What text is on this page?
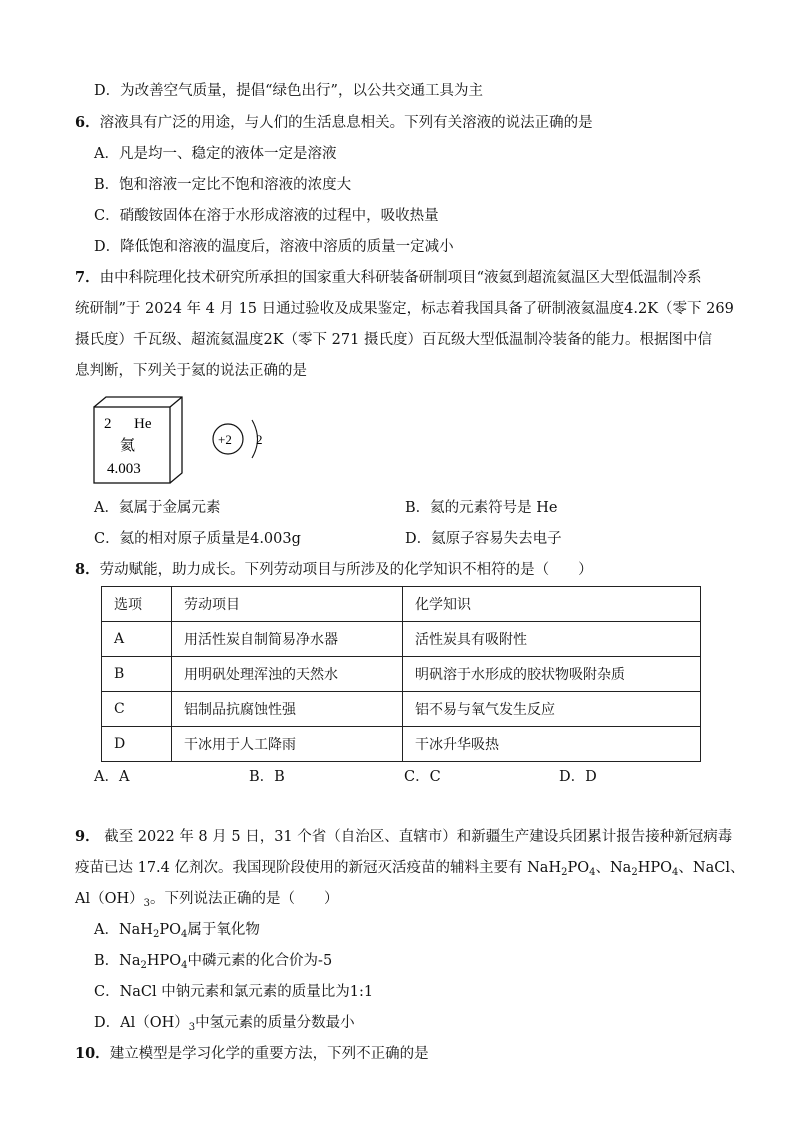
D．为改善空气质量，提倡“绿色出行”，以公共交通工具为主
6．溶液具有广泛的用途，与人们的生活息息相关。下列有关溶液的说法正确的是
A．凡是均一、稳定的液体一定是溶液
B．饱和溶液一定比不饱和溶液的浓度大
C．硝酸铵固体在溶于水形成溶液的过程中，吸收热量
D．降低饱和溶液的温度后，溶液中溶质的质量一定减小
7．由中科院理化技术研究所承担的国家重大科研装备研制项目“液氦到超流氦温区大型低温制冷系
统研制”于 2024 年 4 月 15 日通过验收及成果鉴定，标志着我国具备了研制液氦温度4.2K（零下 269
摄氏度）千瓦级、超流氦温度2K（零下 271 摄氏度）百瓦级大型低温制冷装备的能力。根据图中信
息判断，下列关于氦的说法正确的是
2 He
氦
4.003
+2 2
A．氦属于金属元素	B．氦的元素符号是 He
C．氦的相对原子质量是4.003g	D．氦原子容易失去电子
8．劳动赋能，助力成长。下列劳动项目与所涉及的化学知识不相符的是（　　）
选项	劳动项目	化学知识
A	用活性炭自制简易净水器	活性炭具有吸附性
B	用明矾处理浑浊的天然水	明矾溶于水形成的胶状物吸附杂质
C	铝制品抗腐蚀性强	铝不易与氧气发生反应
D	干冰用于人工降雨	干冰升华吸热
A．A	B．B	C．C	D．D
9． 截至 2022 年 8 月 5 日，31 个省（自治区、直辖市）和新疆生产建设兵团累计报告接种新冠病毒
疫苗已达 17.4 亿剂次。我国现阶段使用的新冠灭活疫苗的辅料主要有 $NaH_2PO_4$、$Na_2HPO_4$、NaCl、
$Al(OH)_3$。下列说法正确的是（　　）
A．$NaH_2PO_4$属于氧化物
B．$Na_2HPO_4$中磷元素的化合价为-5
C．NaCl 中钠元素和氯元素的质量比为1:1
D．$Al(OH)_3$中氢元素的质量分数最小
10．建立模型是学习化学的重要方法，下列不正确的是
